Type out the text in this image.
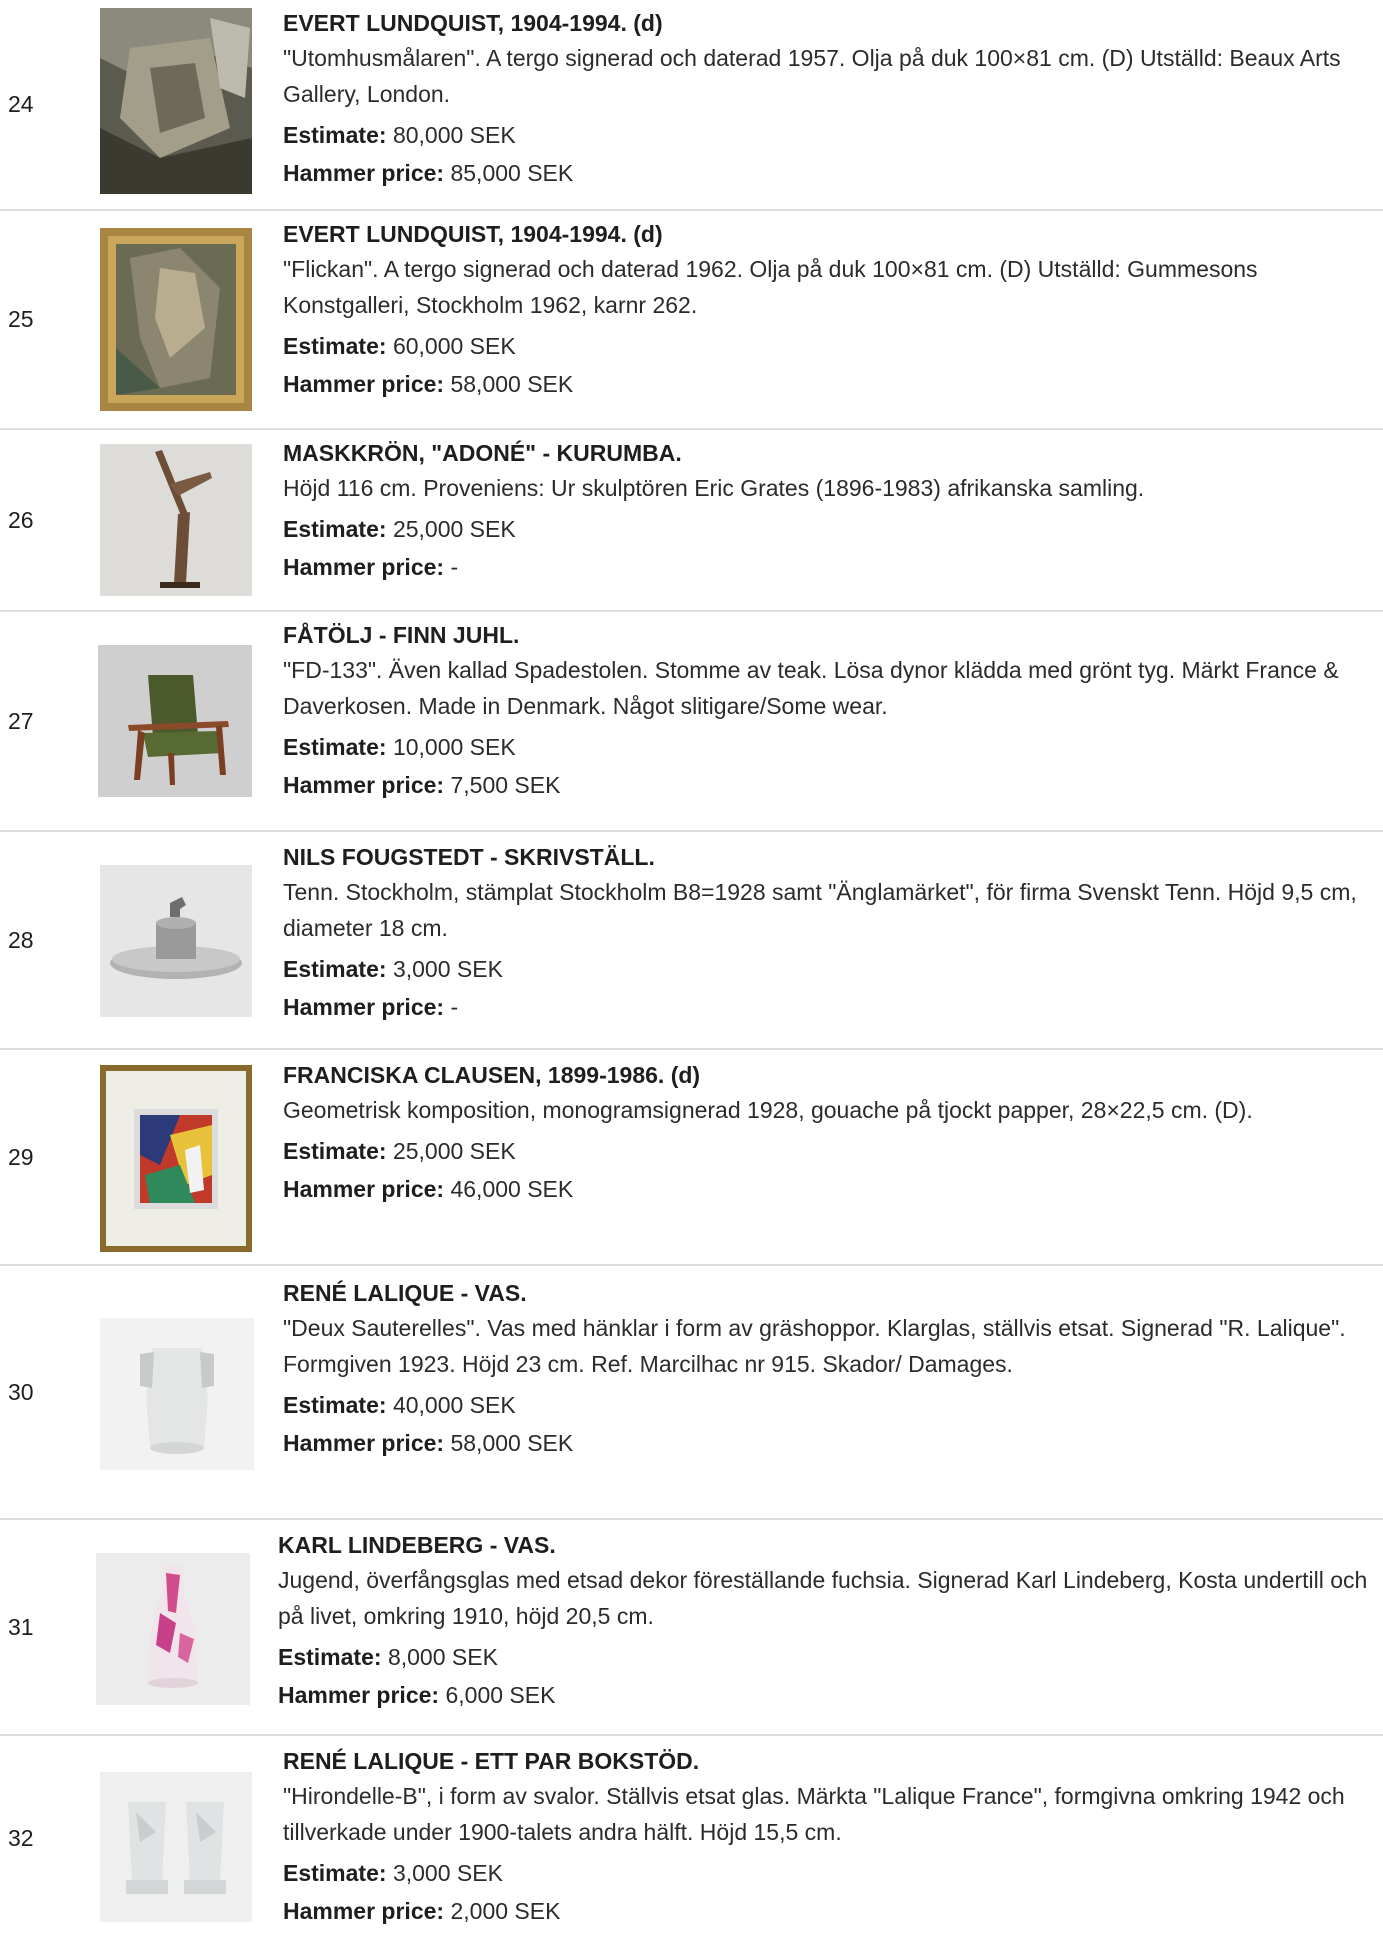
24
EVERT LUNDQUIST, 1904-1994. (d)
"Utomhusmålaren". A tergo signerad och daterad 1957. Olja på duk 100×81 cm. (D) Utställd: Beaux Arts Gallery, London.
Estimate: 80,000 SEK
Hammer price: 85,000 SEK
25
EVERT LUNDQUIST, 1904-1994. (d)
"Flickan". A tergo signerad och daterad 1962. Olja på duk 100×81 cm. (D) Utställd: Gummesons Konstgalleri, Stockholm 1962, karnr 262.
Estimate: 60,000 SEK
Hammer price: 58,000 SEK
26
MASKKRÖN, "ADONÉ" - KURUMBA.
Höjd 116 cm. Proveniens: Ur skulptören Eric Grates (1896-1983) afrikanska samling.
Estimate: 25,000 SEK
Hammer price: -
27
FÅTÖLJ - FINN JUHL.
"FD-133". Även kallad Spadestolen. Stomme av teak. Lösa dynor klädda med grönt tyg. Märkt France & Daverkosen. Made in Denmark. Något slitigare/Some wear.
Estimate: 10,000 SEK
Hammer price: 7,500 SEK
28
NILS FOUGSTEDT - SKRIVSTÄLL.
Tenn. Stockholm, stämplat Stockholm B8=1928 samt "Änglamärket", för firma Svenskt Tenn. Höjd 9,5 cm, diameter 18 cm.
Estimate: 3,000 SEK
Hammer price: -
29
FRANCISKA CLAUSEN, 1899-1986. (d)
Geometrisk komposition, monogramsignerad 1928, gouache på tjockt papper, 28×22,5 cm. (D).
Estimate: 25,000 SEK
Hammer price: 46,000 SEK
30
RENÉ LALIQUE - VAS.
"Deux Sauterelles". Vas med hänklar i form av gräshoppor. Klarglas, ställvis etsat. Signerad "R. Lalique". Formgiven 1923. Höjd 23 cm. Ref. Marcilhac nr 915. Skador/ Damages.
Estimate: 40,000 SEK
Hammer price: 58,000 SEK
31
KARL LINDEBERG - VAS.
Jugend, överfångsglas med etsad dekor föreställande fuchsia. Signerad Karl Lindeberg, Kosta undertill och på livet, omkring 1910, höjd 20,5 cm.
Estimate: 8,000 SEK
Hammer price: 6,000 SEK
32
RENÉ LALIQUE - ETT PAR BOKSTÖD.
"Hirondelle-B", i form av svalor. Ställvis etsat glas. Märkta "Lalique France", formgivna omkring 1942 och tillverkade under 1900-talets andra hälft. Höjd 15,5 cm.
Estimate: 3,000 SEK
Hammer price: 2,000 SEK
